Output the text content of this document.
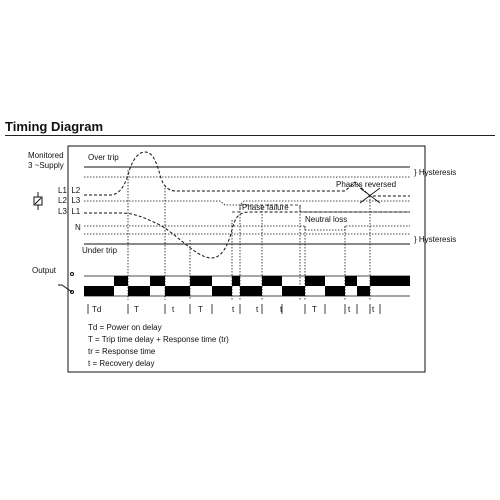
Timing Diagram
Monitored
3 ~Supply
Over trip
L1, L2
L2, L3
L3, L1
N
Under trip
Output
} Hysteresis
} Hysteresis
Phases reversed
Phase failure
Neutral loss
Td	T	t	T	t	t	t	T	t	t
Td = Power on delay
T = Trip time delay + Response time (tr)
tr = Response time
t = Recovery delay
